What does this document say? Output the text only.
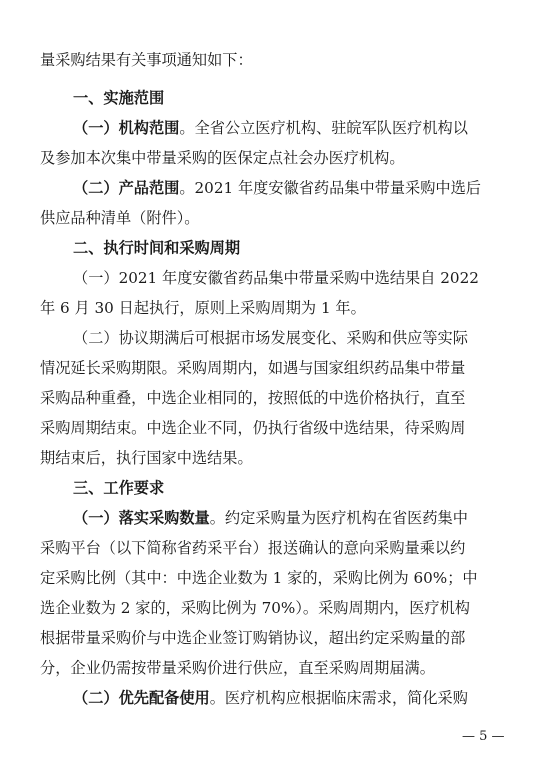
量采购结果有关事项通知如下：
一、实施范围
（一）机构范围。全省公立医疗机构、驻皖军队医疗机构以
及参加本次集中带量采购的医保定点社会办医疗机构。
（二）产品范围。2021 年度安徽省药品集中带量采购中选后
供应品种清单（附件）。
二、执行时间和采购周期
（一）2021 年度安徽省药品集中带量采购中选结果自 2022
年 6 月 30 日起执行，原则上采购周期为 1 年。
（二）协议期满后可根据市场发展变化、采购和供应等实际
情况延长采购期限。采购周期内，如遇与国家组织药品集中带量
采购品种重叠，中选企业相同的，按照低的中选价格执行，直至
采购周期结束。中选企业不同，仍执行省级中选结果，待采购周
期结束后，执行国家中选结果。
三、工作要求
（一）落实采购数量。约定采购量为医疗机构在省医药集中
采购平台（以下简称省药采平台）报送确认的意向采购量乘以约
定采购比例（其中：中选企业数为 1 家的，采购比例为 60%；中
选企业数为 2 家的，采购比例为 70%）。采购周期内，医疗机构
根据带量采购价与中选企业签订购销协议，超出约定采购量的部
分，企业仍需按带量采购价进行供应，直至采购周期届满。
（二）优先配备使用。医疗机构应根据临床需求，简化采购
— 5 —
